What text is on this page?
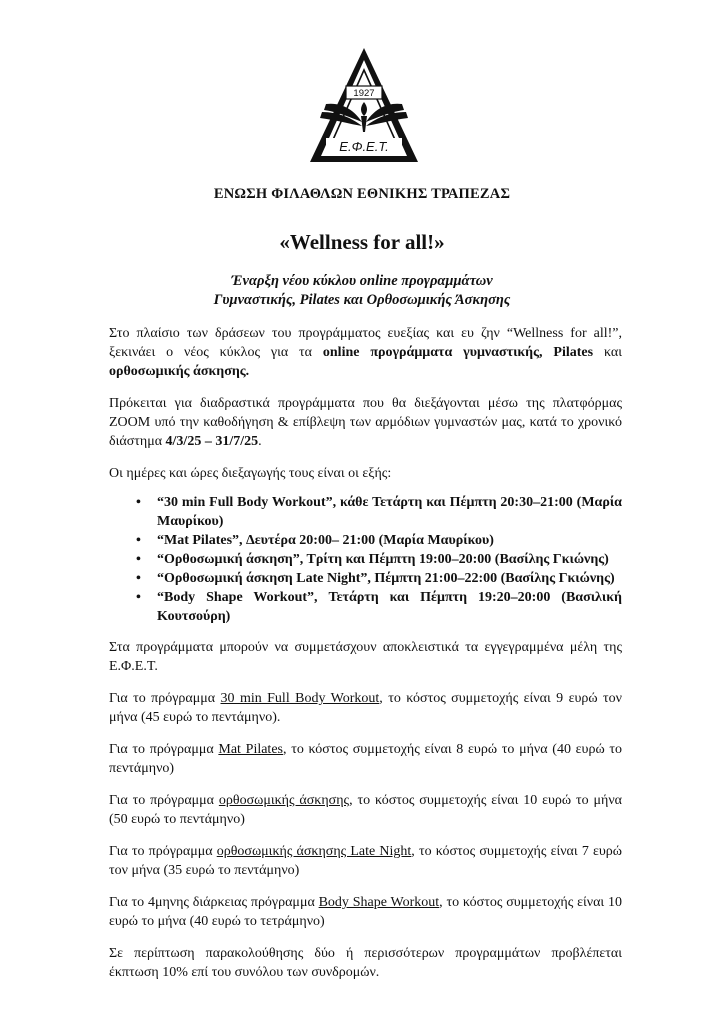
1927
Ε.Φ.Ε.Τ.
ΕΝΩΣΗ ΦΙΛΑΘΛΩΝ ΕΘΝΙΚΗΣ ΤΡΑΠΕΖΑΣ
«Wellness for all!»
Έναρξη νέου κύκλου online προγραμμάτων
Γυμναστικής, Pilates και Ορθοσωμικής Άσκησης

Στο πλαίσιο των δράσεων του προγράμματος ευεξίας και ευ ζην “Wellness for all!”, ξεκινάει ο νέος κύκλος για τα online προγράμματα γυμναστικής, Pilates και ορθοσωμικής άσκησης.

Πρόκειται για διαδραστικά προγράμματα που θα διεξάγονται μέσω της πλατφόρμας ZOOM υπό την καθοδήγηση & επίβλεψη των αρμόδιων γυμναστών μας, κατά το χρονικό διάστημα 4/3/25 – 31/7/25.

Οι ημέρες και ώρες διεξαγωγής τους είναι οι εξής:

• “30 min Full Body Workout”, κάθε Τετάρτη και Πέμπτη 20:30–21:00 (Μαρία Μαυρίκου)
• “Mat Pilates”, Δευτέρα 20:00– 21:00 (Μαρία Μαυρίκου)
• “Ορθοσωμική άσκηση”, Τρίτη και Πέμπτη 19:00–20:00 (Βασίλης Γκιώνης)
• “Ορθοσωμική άσκηση Late Night”, Πέμπτη 21:00–22:00 (Βασίλης Γκιώνης)
• “Body Shape Workout”, Τετάρτη και Πέμπτη 19:20–20:00 (Βασιλική Κουτσούρη)

Στα προγράμματα μπορούν να συμμετάσχουν αποκλειστικά τα εγγεγραμμένα μέλη της Ε.Φ.Ε.Τ.

Για το πρόγραμμα 30 min Full Body Workout, το κόστος συμμετοχής είναι 9 ευρώ τον μήνα (45 ευρώ το πεντάμηνο).

Για το πρόγραμμα Mat Pilates, το κόστος συμμετοχής είναι 8 ευρώ το μήνα (40 ευρώ το πεντάμηνο)

Για το πρόγραμμα ορθοσωμικής άσκησης, το κόστος συμμετοχής είναι 10 ευρώ το μήνα (50 ευρώ το πεντάμηνο)

Για το πρόγραμμα ορθοσωμικής άσκησης Late Night, το κόστος συμμετοχής είναι 7 ευρώ τον μήνα (35 ευρώ το πεντάμηνο)

Για το 4μηνης διάρκειας πρόγραμμα Body Shape Workout, το κόστος συμμετοχής είναι 10 ευρώ το μήνα (40 ευρώ το τετράμηνο)

Σε περίπτωση παρακολούθησης δύο ή περισσότερων προγραμμάτων προβλέπεται έκπτωση 10% επί του συνόλου των συνδρομών.
